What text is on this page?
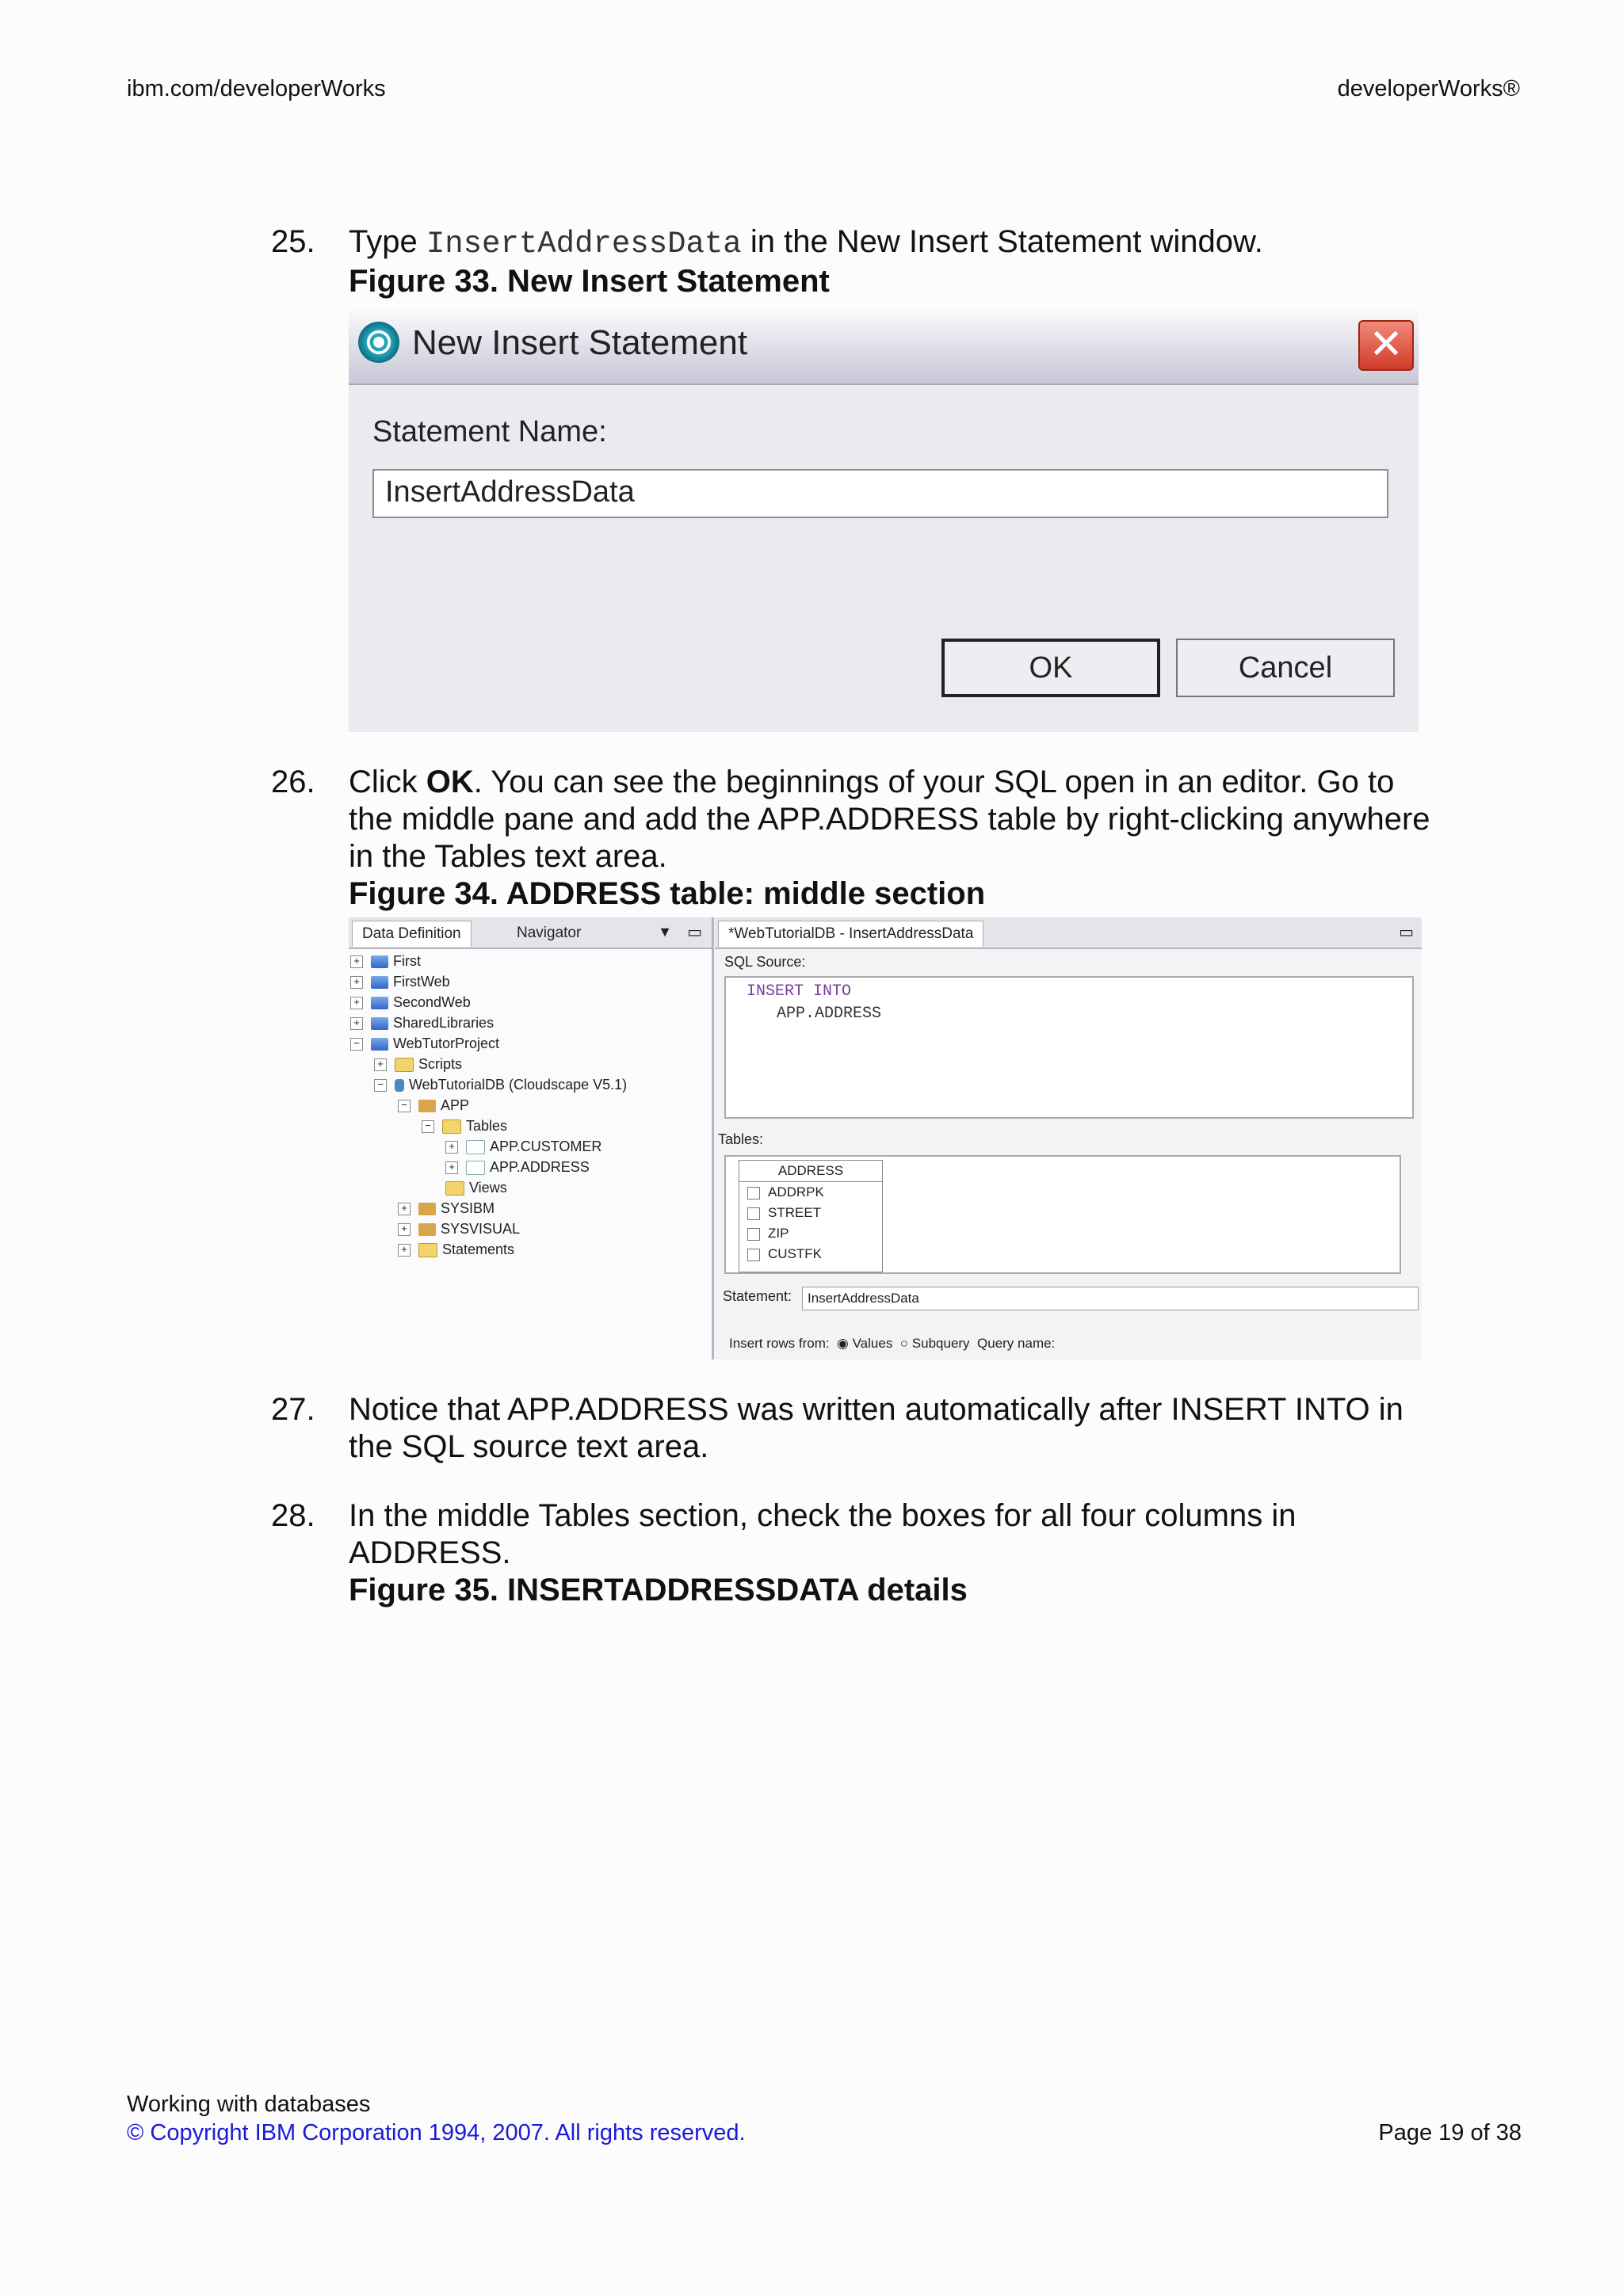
ibm.com/developerWorks	developerWorks®
25. Type InsertAddressData in the New Insert Statement window.
Figure 33. New Insert Statement
New Insert Statement	✕
Statement Name:
InsertAddressData
OK	Cancel
26. Click OK. You can see the beginnings of your SQL open in an editor. Go to the middle pane and add the APP.ADDRESS table by right-clicking anywhere in the Tables text area.
Figure 34. ADDRESS table: middle section
Data Definition	Navigator	▼ ▭
+ First
+ FirstWeb
+ SecondWeb
+ SharedLibraries
− WebTutorProject
+ Scripts
− WebTutorialDB (Cloudscape V5.1)
− APP
− Tables
+ APP.CUSTOMER
+ APP.ADDRESS
Views
+ SYSIBM
+ SYSVISUAL
+ Statements
*WebTutorialDB - InsertAddressData	▭
SQL Source:
INSERT INTO
APP.ADDRESS
Tables:
ADDRESS
ADDRPK
STREET
ZIP
CUSTFK
Statement:	InsertAddressData
Insert rows from:  ◉ Values  ○ Subquery Query name:
27. Notice that APP.ADDRESS was written automatically after INSERT INTO in the SQL source text area.
28. In the middle Tables section, check the boxes for all four columns in ADDRESS.
Figure 35. INSERTADDRESSDATA details
Working with databases
© Copyright IBM Corporation 1994, 2007. All rights reserved.	Page 19 of 38
